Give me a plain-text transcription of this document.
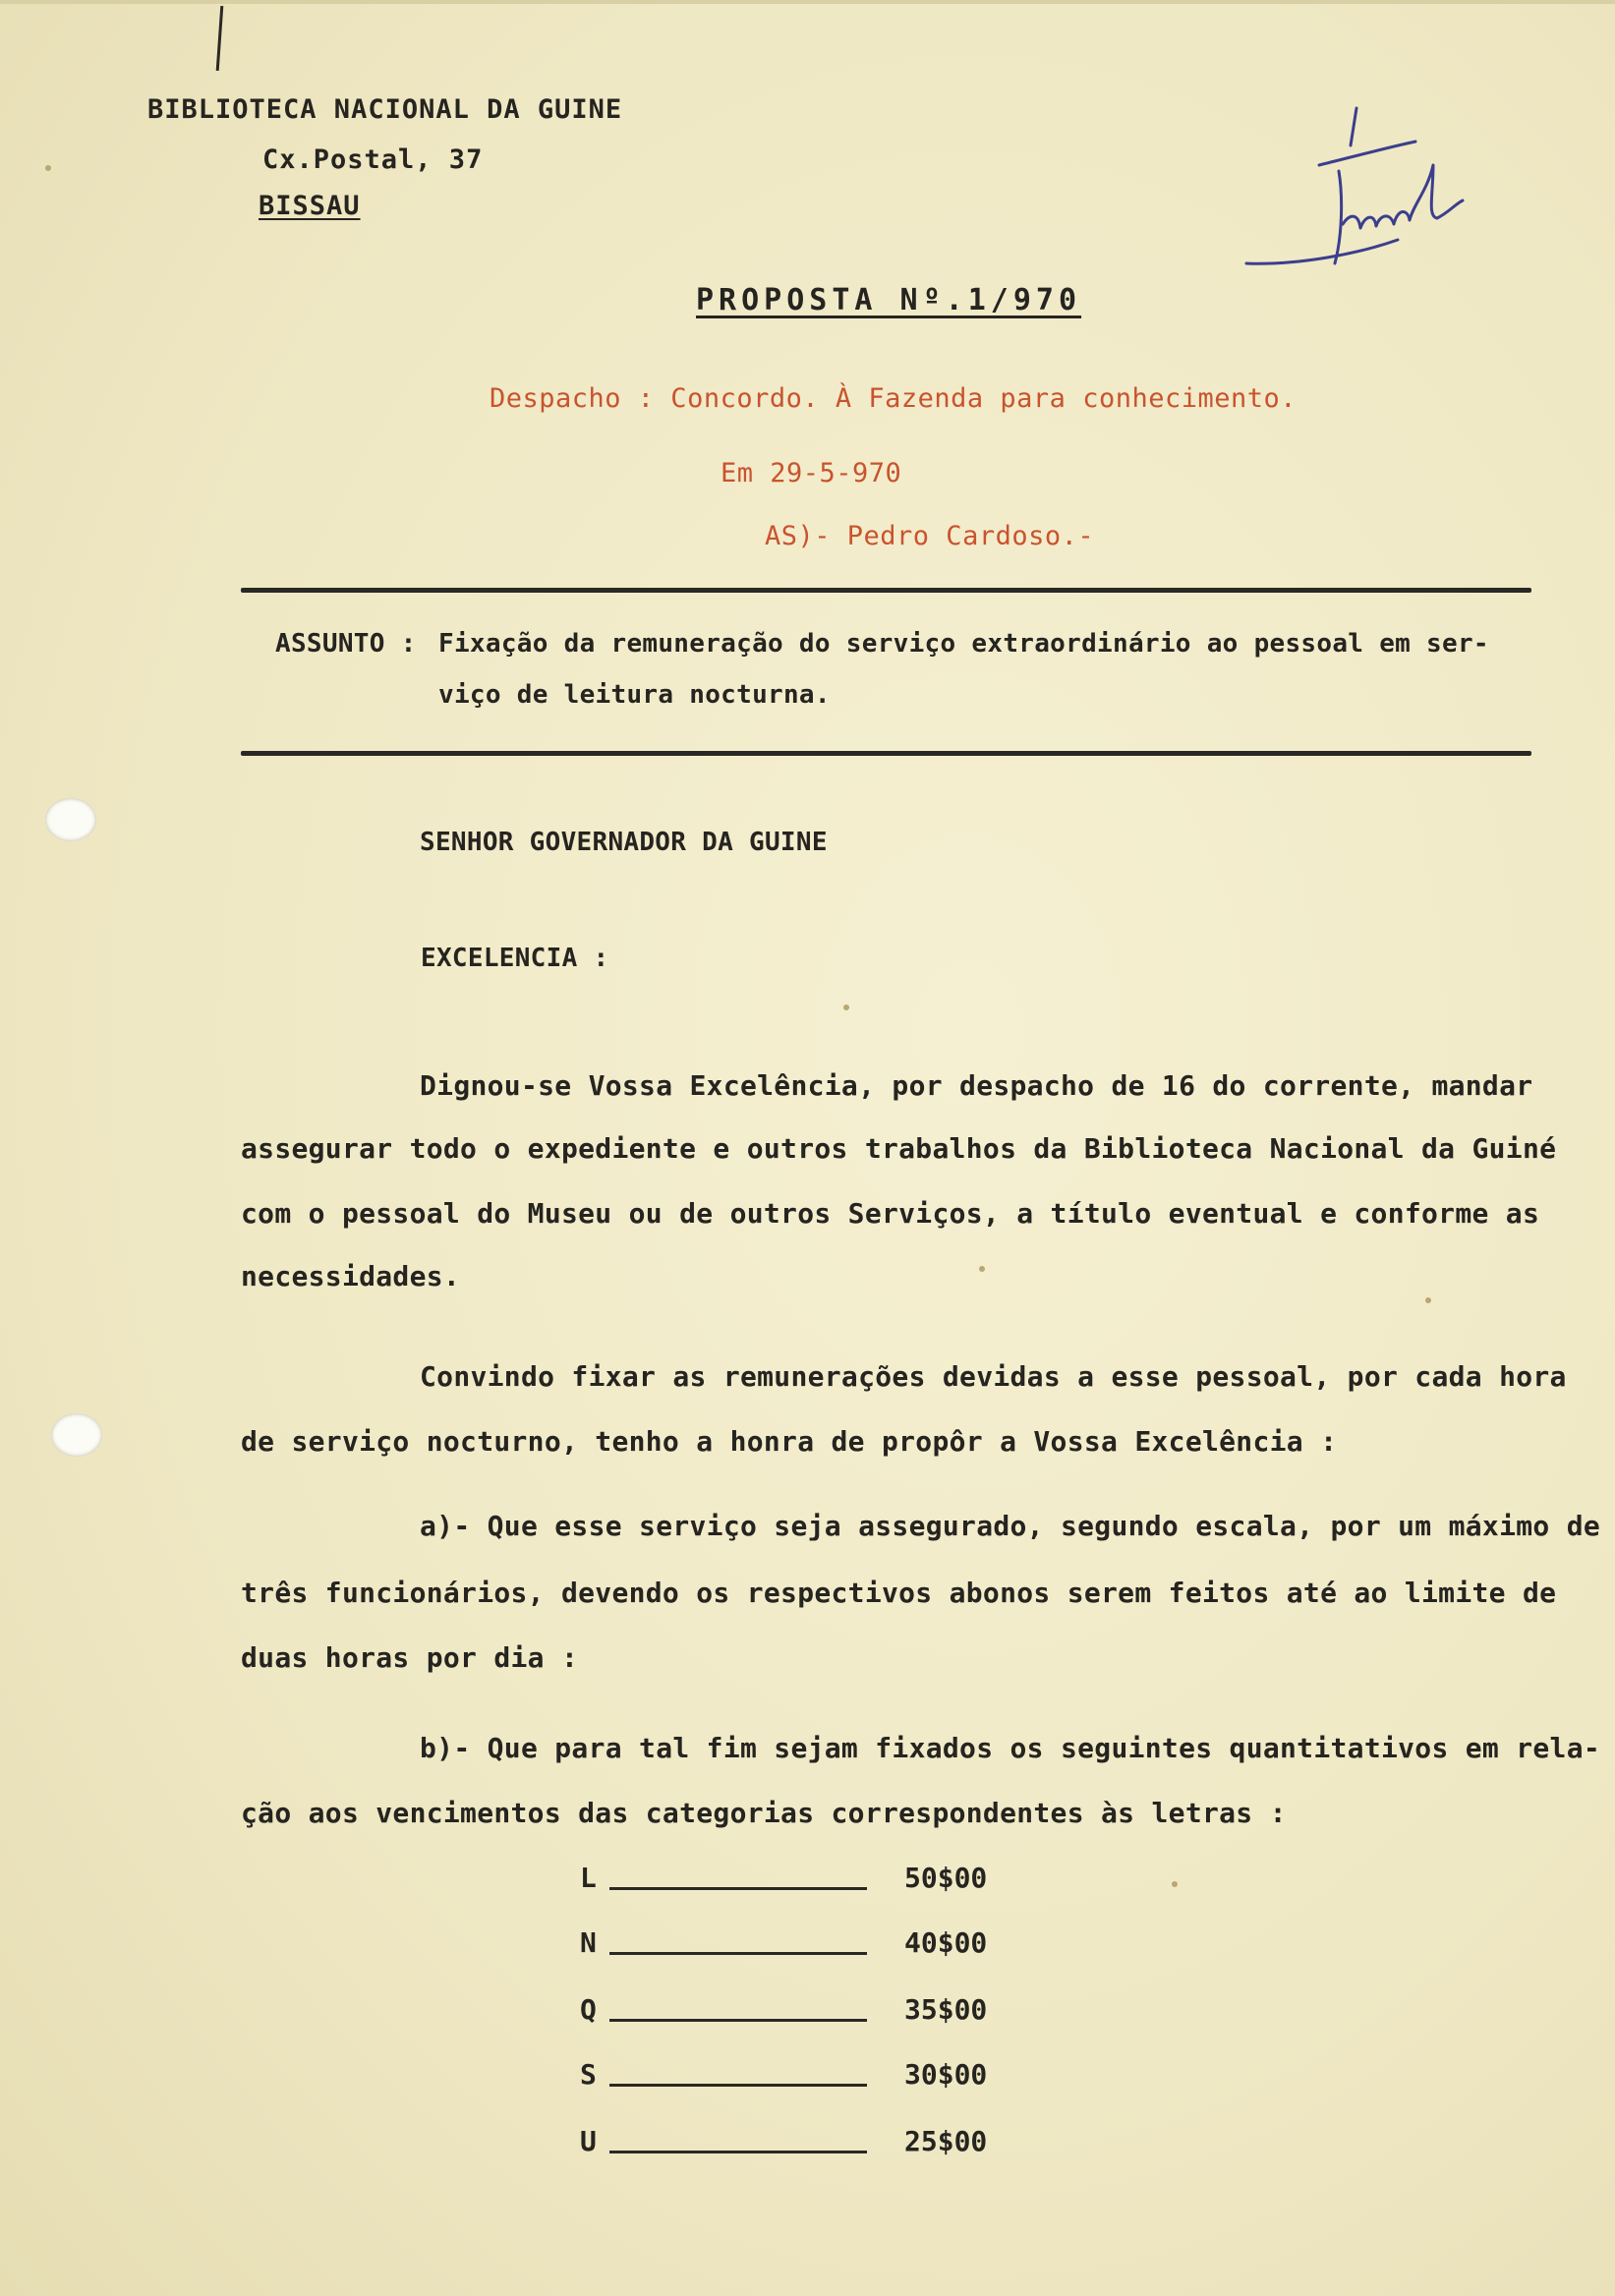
BIBLIOTECA NACIONAL DA GUINE
Cx.Postal, 37
BISSAU
1
PROPOSTA Nº.1/970
Despacho : Concordo. À Fazenda para conhecimento.
Em 29-5-970
AS)- Pedro Cardoso.-
ASSUNTO : Fixação da remuneração do serviço extraordinário ao pessoal em ser-
viço de leitura nocturna.
SENHOR GOVERNADOR DA GUINE
EXCELENCIA :
Dignou-se Vossa Excelência, por despacho de 16 do corrente, mandar
assegurar todo o expediente e outros trabalhos da Biblioteca Nacional da Guiné
com o pessoal do Museu ou de outros Serviços, a título eventual e conforme as
necessidades.
Convindo fixar as remunerações devidas a esse pessoal, por cada hora
de serviço nocturno, tenho a honra de propôr a Vossa Excelência :
a)- Que esse serviço seja assegurado, segundo escala, por um máximo de
três funcionários, devendo os respectivos abonos serem feitos até ao limite de
duas horas por dia :
b)- Que para tal fim sejam fixados os seguintes quantitativos em rela-
ção aos vencimentos das categorias correspondentes às letras :
L	50$00
N	40$00
Q	35$00
S	30$00
U	25$00
